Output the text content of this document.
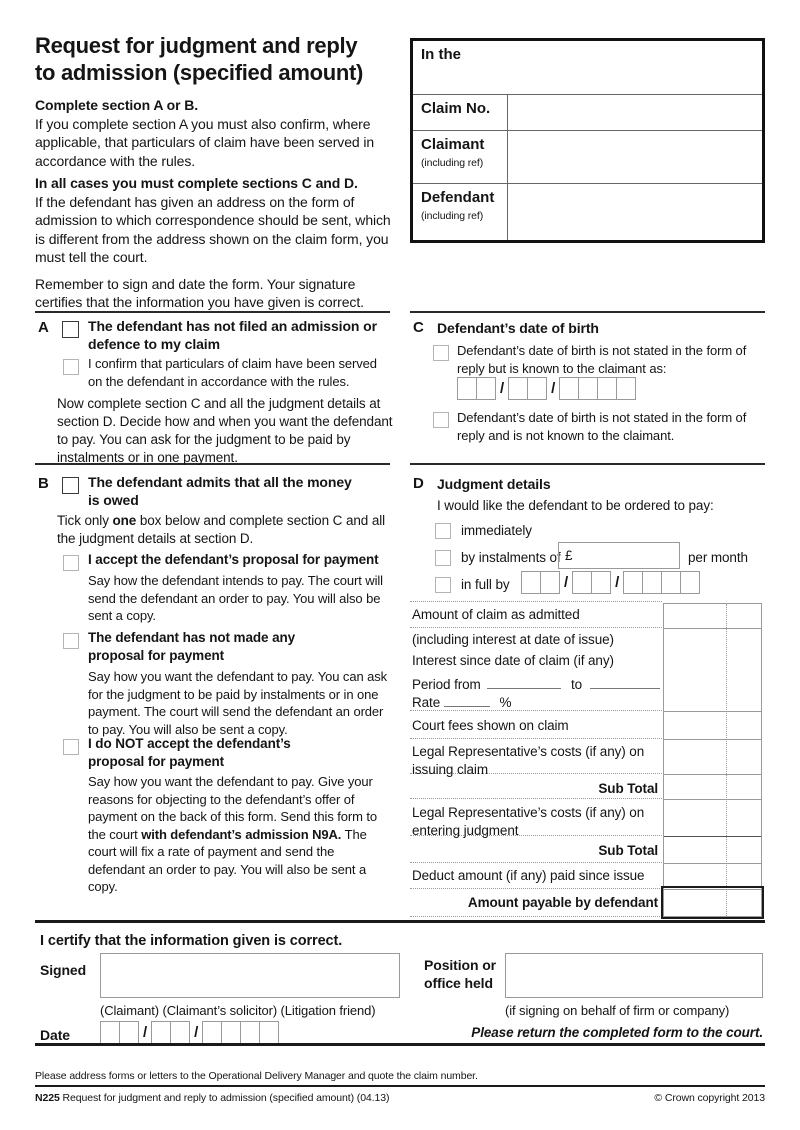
Request for judgment and reply
to admission (specified amount)
Complete section A or B.
If you complete section A you must also confirm, where applicable, that particulars of claim have been served in accordance with the rules.
In all cases you must complete sections C and D.
If the defendant has given an address on the form of admission to which correspondence should be sent, which is different from the address shown on the claim form, you must tell the court.
Remember to sign and date the form. Your signature certifies that the information you have given is correct.
In the
Claim No.
Claimant
(including ref)
Defendant
(including ref)
A	The defendant has not filed an admission or defence to my claim
I confirm that particulars of claim have been served on the defendant in accordance with the rules.
Now complete section C and all the judgment details at section D. Decide how and when you want the defendant to pay. You can ask for the judgment to be paid by instalments or in one payment.
B	The defendant admits that all the money
is owed
Tick only one box below and complete section C and all the judgment details at section D.
I accept the defendant’s proposal for payment
Say how the defendant intends to pay. The court will send the defendant an order to pay. You will also be sent a copy.
The defendant has not made any
proposal for payment
Say how you want the defendant to pay. You can ask for the judgment to be paid by instalments or in one payment. The court will send the defendant an order to pay. You will also be sent a copy.
I do NOT accept the defendant’s
proposal for payment
Say how you want the defendant to pay. Give your reasons for objecting to the defendant’s offer of payment on the back of this form. Send this form to the court with defendant’s admission N9A. The court will fix a rate of payment and send the defendant an order to pay. You will also be sent a copy.
C Defendant’s date of birth
Defendant’s date of birth is not stated in the form of reply but is known to the claimant as:
/	/
Defendant’s date of birth is not stated in the form of reply and is not known to the claimant.
D Judgment details
I would like the defendant to be ordered to pay:
immediately
by instalments of £	per month
in full by	/	/
Amount of claim as admitted
(including interest at date of issue)
Interest since date of claim (if any)
Period from	to
Rate	%
Court fees shown on claim
Legal Representative’s costs (if any) on
issuing claim
Sub Total
Legal Representative’s costs (if any) on
entering judgment
Sub Total
Deduct amount (if any) paid since issue
Amount payable by defendant
I certify that the information given is correct.
Signed
(Claimant) (Claimant’s solicitor) (Litigation friend)
Date	/	/
Position or
office held
(if signing on behalf of firm or company)
Please return the completed form to the court.
Please address forms or letters to the Operational Delivery Manager and quote the claim number.
N225 Request for judgment and reply to admission (specified amount) (04.13)	© Crown copyright 2013
